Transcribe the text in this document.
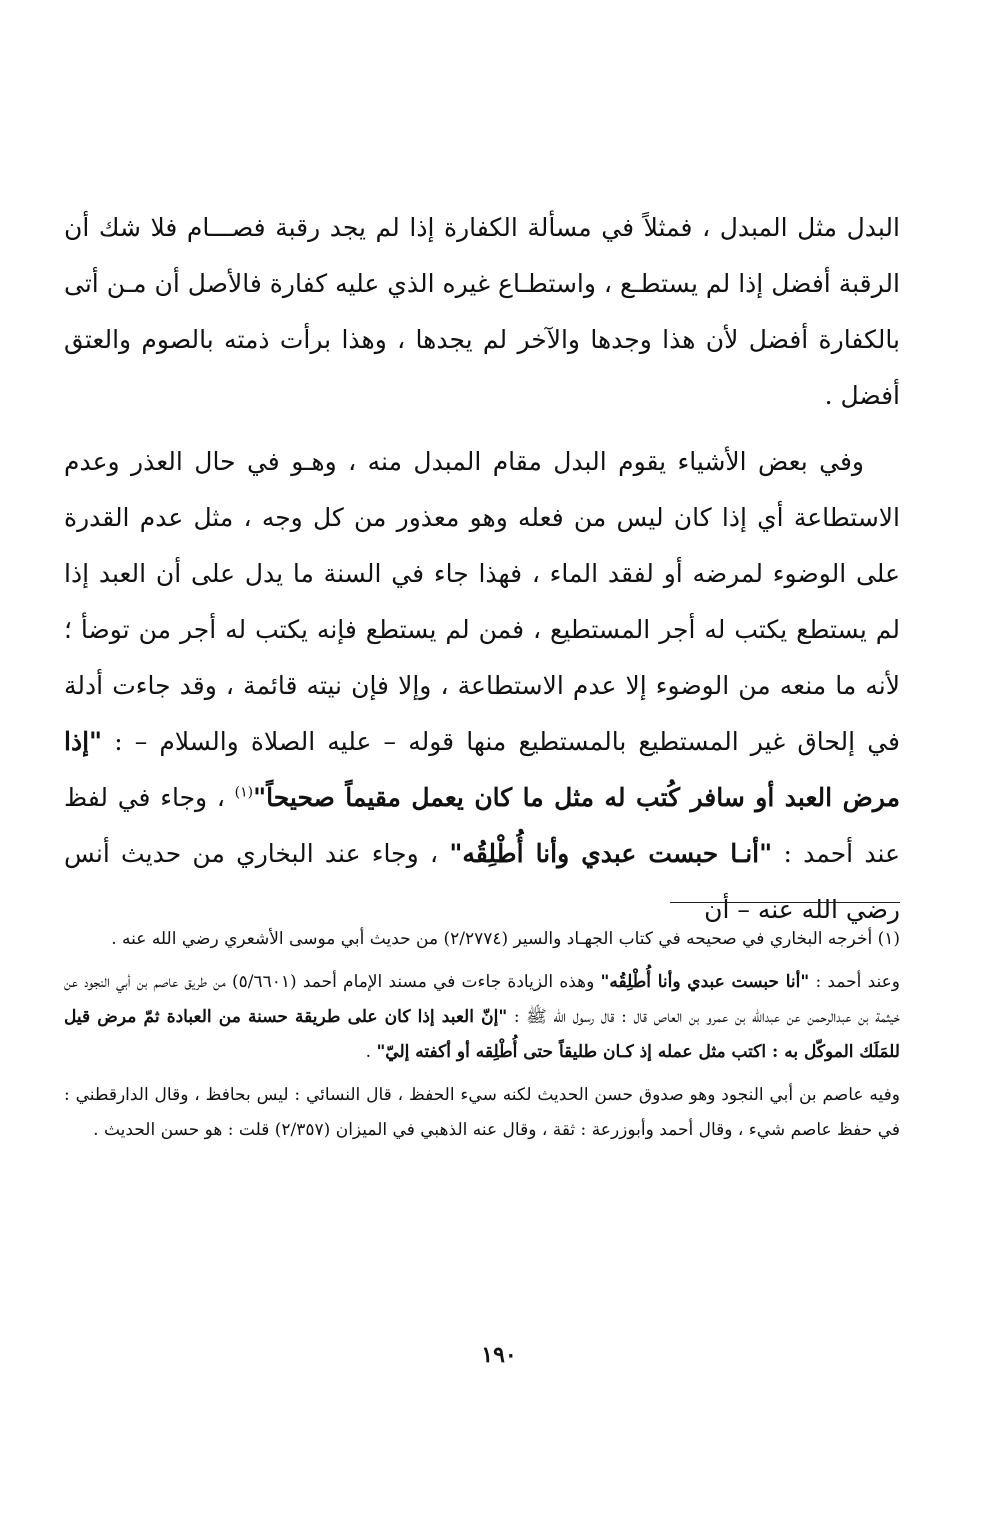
البدل مثل المبدل ، فمثلاً في مسألة الكفارة إذا لم يجد رقبة فصـــام فلا شك أن الرقبة أفضل إذا لم يستطـع ، واستطـاع غيره الذي عليه كفارة فالأصل أن مـن أتى بالكفارة أفضل لأن هذا وجدها والآخر لم يجدها ، وهذا برأت ذمته بالصوم والعتق أفضل .

وفي بعض الأشياء يقوم البدل مقام المبدل منه ، وهـو في حال العذر وعدم الاستطاعة أي إذا كان ليس من فعله وهو معذور من كل وجه ، مثل عدم القدرة على الوضوء لمرضه أو لفقد الماء ، فهذا جاء في السنة ما يدل على أن العبد إذا لم يستطع يكتب له أجر المستطيع ، فمن لم يستطع فإنه يكتب له أجر من توضأ ؛ لأنه ما منعه من الوضوء إلا عدم الاستطاعة ، وإلا فإن نيته قائمة ، وقد جاءت أدلة في إلحاق غير المستطيع بالمستطيع منها قوله – عليه الصلاة والسلام – : "إذا مرض العبد أو سافر كُتب له مثل ما كان يعمل مقيماً صحيحاً"$^{(١)}$ ، وجاء في لفظ عند أحمد : "أنـا حبست عبدي وأنا أُطْلِقُه" ، وجاء عند البخاري من حديث أنس رضي الله عنه – أن

(١) أخرجه البخاري في صحيحه في كتاب الجهـاد والسير (٢/٢٧٧٤) من حديث أبي موسى الأشعري رضي الله عنه .

وعند أحمد : "أنا حبست عبدي وأنا أُطْلِقُه" وهذه الزيادة جاءت في مسند الإمام أحمد (٥/٦٦٠١) من طريق عاصم بن أبي النجود عن خيثمة بن عبدالرحمن عن عبدالله بن عمرو بن العاص قال : قال رسول الله ﷺ : "إنّ العبد إذا كان على طريقة حسنة من العبادة ثمّ مرض قيل للمَلَك الموكّل به : اكتب مثل عمله إذ كـان طليقاً حتى أُطْلِقه أو أكفته إليّ" .

وفيه عاصم بن أبي النجود وهو صدوق حسن الحديث لكنه سيء الحفظ ، قال النسائي : ليس بحافظ ، وقال الدارقطني : في حفظ عاصم شيء ، وقال أحمد وأبوزرعة : ثقة ، وقال عنه الذهبي في الميزان (٢/٣٥٧) قلت : هو حسن الحديث .

١٩٠
